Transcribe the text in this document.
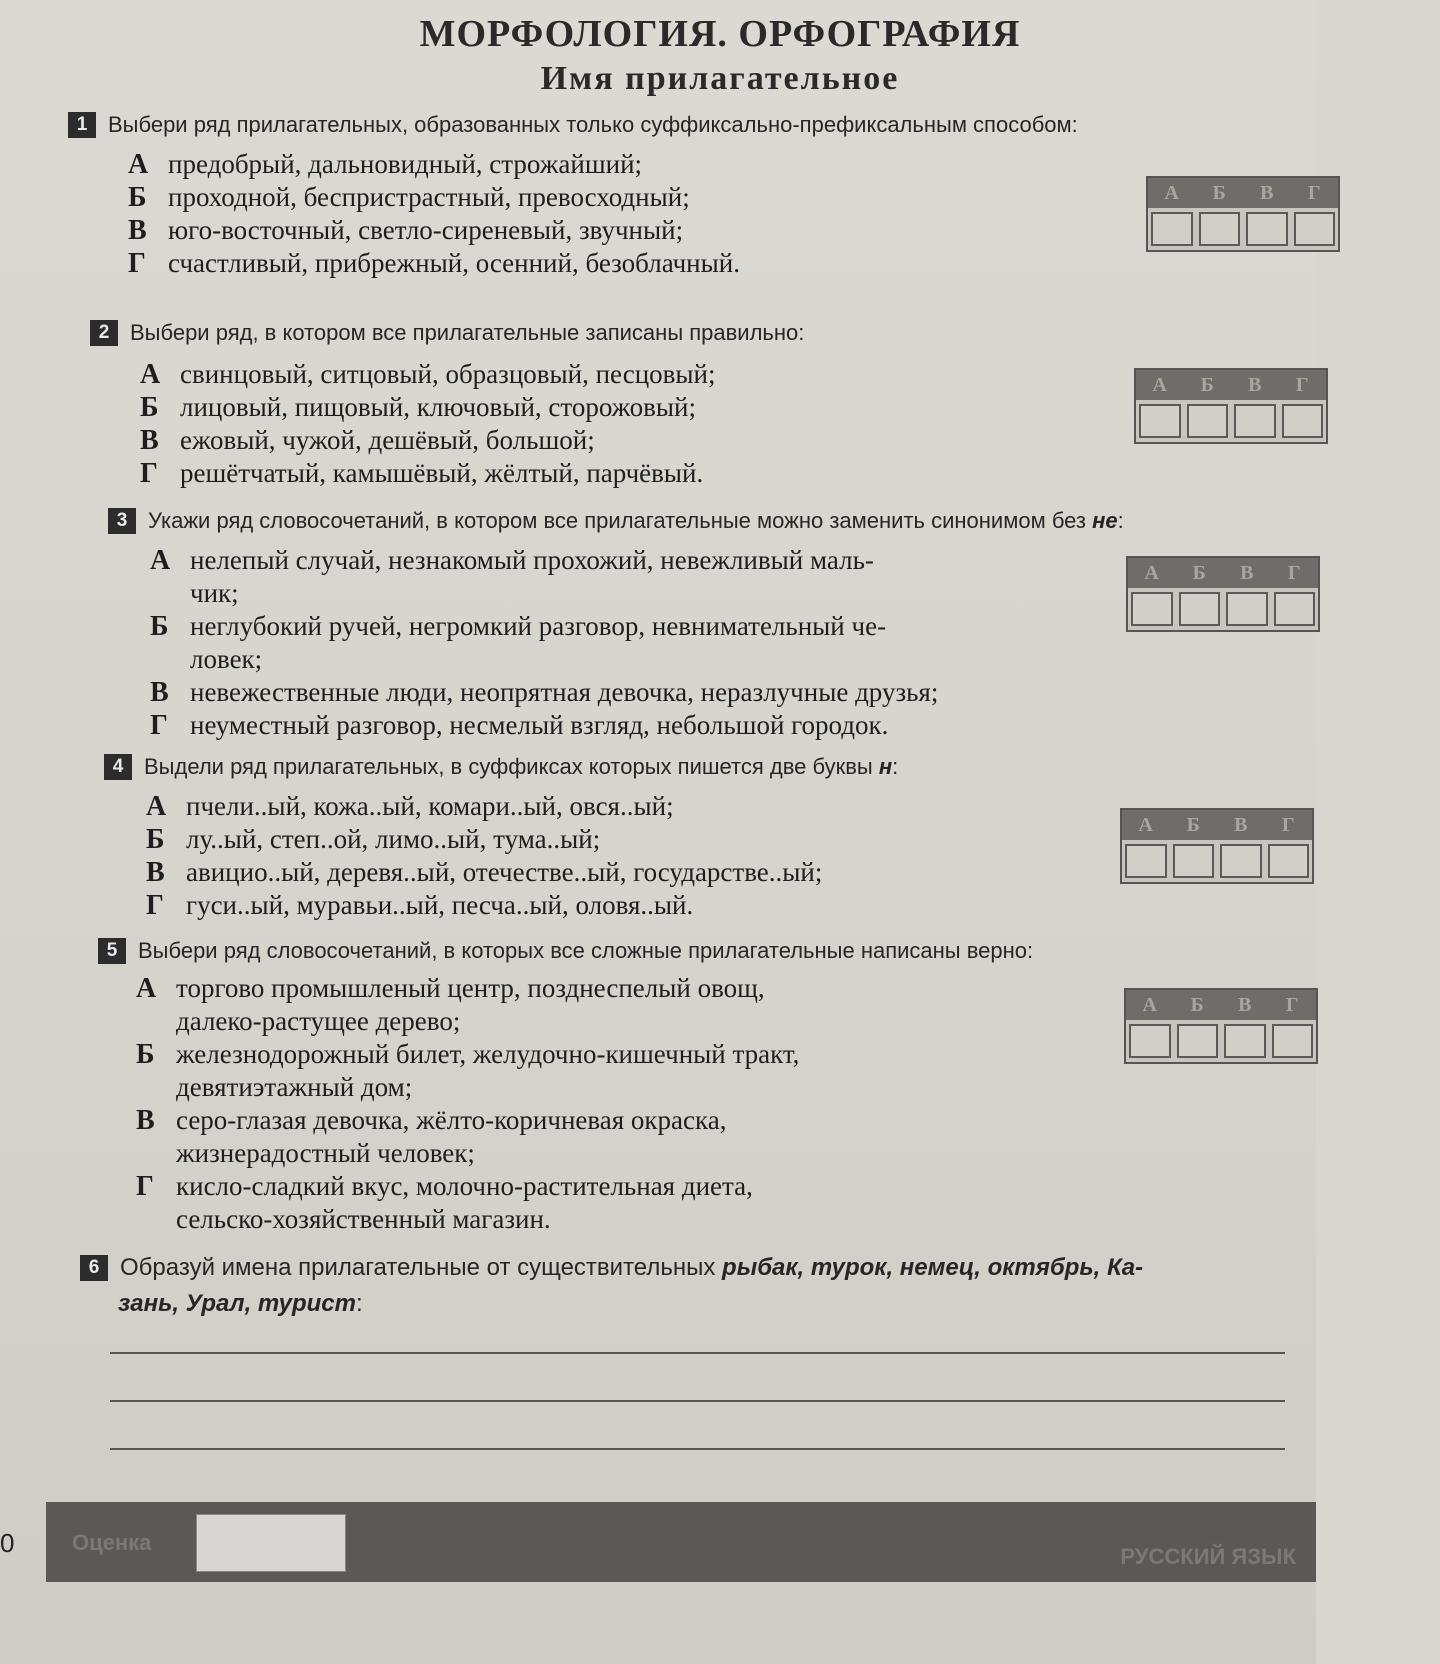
МОРФОЛОГИЯ. ОРФОГРАФИЯ
Имя прилагательное
1 Выбери ряд прилагательных, образованных только суффиксально-префиксальным способом:
А предобрый, дальновидный, строжайший;
Б проходной, беспристрастный, превосходный;
В юго-восточный, светло-сиреневый, звучный;
Г счастливый, прибрежный, осенний, безоблачный.
А	Б	В	Г
2 Выбери ряд, в котором все прилагательные записаны правильно:
А свинцовый, ситцовый, образцовый, песцовый;
Б лицовый, пищовый, ключовый, сторожовый;
В ежовый, чужой, дешёвый, большой;
Г решётчатый, камышёвый, жёлтый, парчёвый.
А	Б	В	Г
3 Укажи ряд словосочетаний, в котором все прилагательные можно заменить синонимом без не:
А нелепый случай, незнакомый прохожий, невежливый маль-
чик;
Б неглубокий ручей, негромкий разговор, невнимательный че-
ловек;
В невежественные люди, неопрятная девочка, неразлучные друзья;
Г неуместный разговор, несмелый взгляд, небольшой городок.
А	Б	В	Г
4 Выдели ряд прилагательных, в суффиксах которых пишется две буквы н:
А пчели..ый, кожа..ый, комари..ый, овся..ый;
Б лу..ый, степ..ой, лимо..ый, тума..ый;
В авицио..ый, деревя..ый, отечестве..ый, государстве..ый;
Г гуси..ый, муравьи..ый, песча..ый, оловя..ый.
А	Б	В	Г
5 Выбери ряд словосочетаний, в которых все сложные прилагательные написаны верно:
А торгово промышленый центр, позднеспелый овощ,
далеко-растущее дерево;
Б железнодорожный билет, желудочно-кишечный тракт,
девятиэтажный дом;
В серо-глазая девочка, жёлто-коричневая окраска,
жизнерадостный человек;
Г кисло-сладкий вкус, молочно-растительная диета,
сельско-хозяйственный магазин.
А	Б	В	Г
6 Образуй имена прилагательные от существительных рыбак, турок, немец, октябрь, Ка-
зань, Урал, турист:
Оценка
РУССКИЙ ЯЗЫК
0
